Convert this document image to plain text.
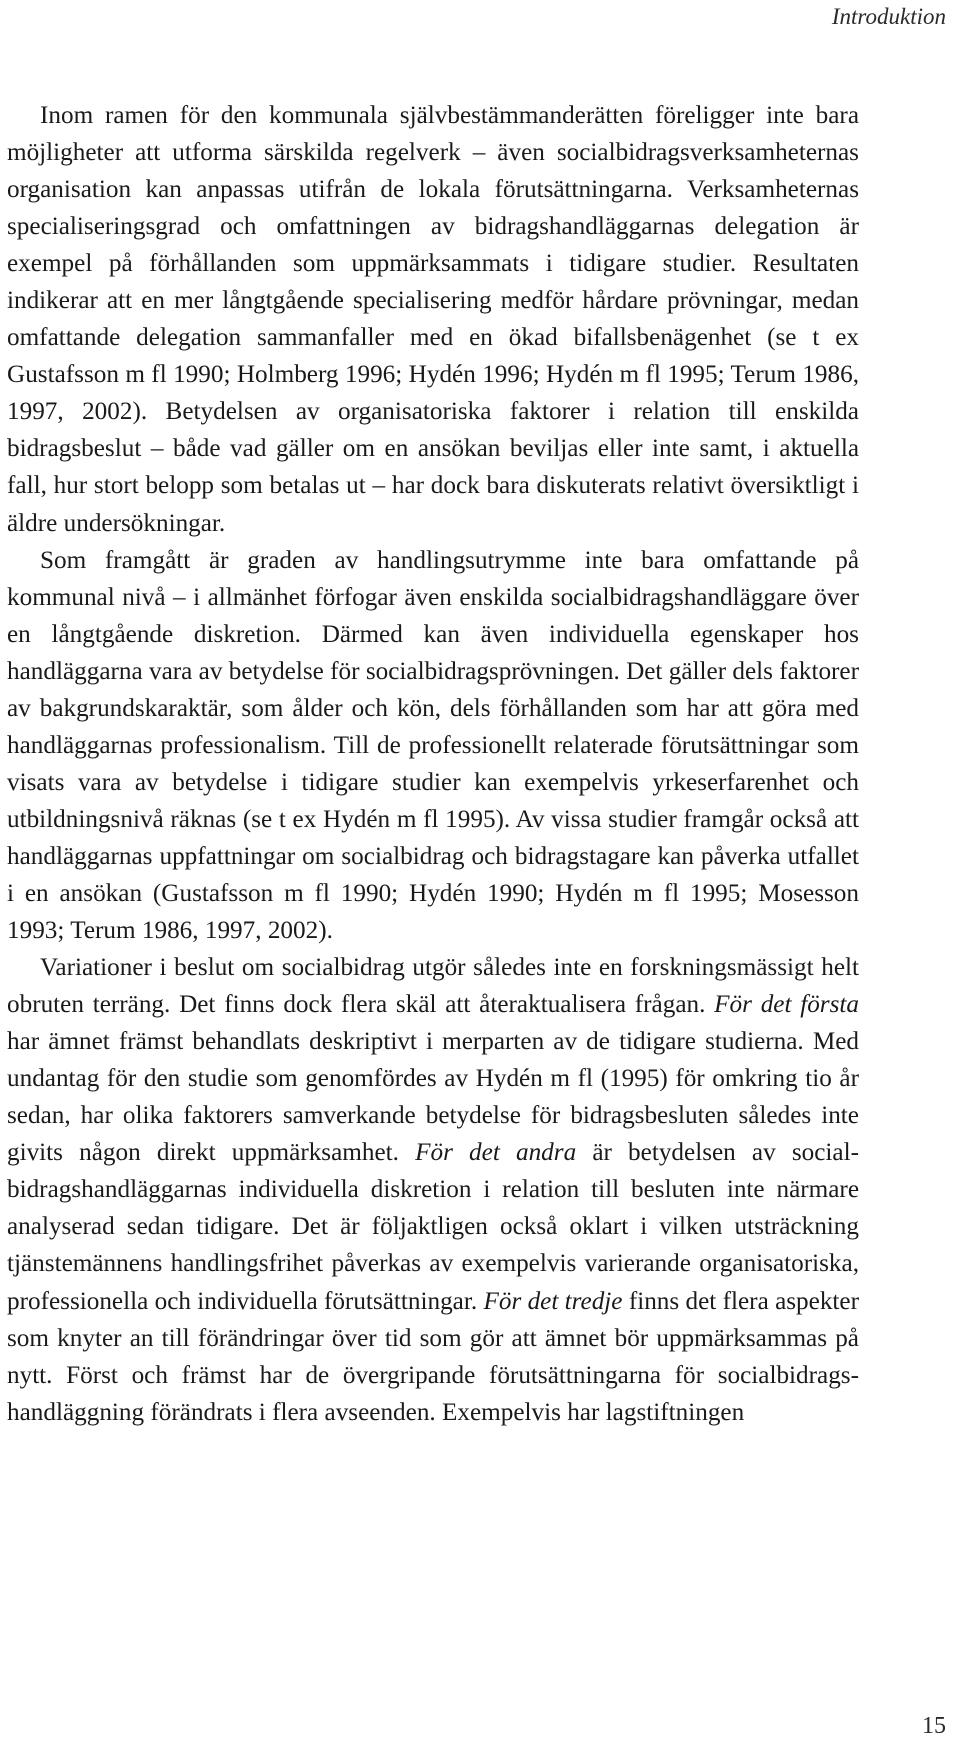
Introduktion

Inom ramen för den kommunala självbestämmanderätten föreligger inte bara möjligheter att utforma särskilda regelverk – även socialbidragsverksamheternas organisation kan anpassas utifrån de lokala förutsättningarna. Verksamheternas specialiseringsgrad och omfattningen av bidragshandläggarnas delegation är exempel på förhållanden som uppmärksammats i tidigare studier. Resultaten indikerar att en mer långtgående specialisering medför hårdare prövningar, medan omfattande delegation sammanfaller med en ökad bifallsbenägenhet (se t ex Gustafsson m fl 1990; Holmberg 1996; Hydén 1996; Hydén m fl 1995; Terum 1986, 1997, 2002). Betydelsen av organisatoriska faktorer i relation till enskilda bidragsbeslut – både vad gäller om en ansökan beviljas eller inte samt, i aktuella fall, hur stort belopp som betalas ut – har dock bara diskuterats relativt översiktligt i äldre undersökningar.

Som framgått är graden av handlingsutrymme inte bara omfattande på kommunal nivå – i allmänhet förfogar även enskilda socialbidragshandläggare över en långtgående diskretion. Därmed kan även individuella egenskaper hos handläggarna vara av betydelse för socialbidragsprövningen. Det gäller dels faktorer av bakgrundskaraktär, som ålder och kön, dels förhållanden som har att göra med handläggarnas professionalism. Till de professionellt relaterade förutsättningar som visats vara av betydelse i tidigare studier kan exempelvis yrkeserfarenhet och utbildningsnivå räknas (se t ex Hydén m fl 1995). Av vissa studier framgår också att handläggarnas uppfattningar om socialbidrag och bidragstagare kan påverka utfallet i en ansökan (Gustafsson m fl 1990; Hydén 1990; Hydén m fl 1995; Mosesson 1993; Terum 1986, 1997, 2002).

Variationer i beslut om socialbidrag utgör således inte en forskningsmässigt helt obruten terräng. Det finns dock flera skäl att återaktualisera frågan. För det första har ämnet främst behandlats deskriptivt i merparten av de tidigare studierna. Med undantag för den studie som genomfördes av Hydén m fl (1995) för omkring tio år sedan, har olika faktorers samverkande betydelse för bidragsbesluten således inte givits någon direkt uppmärksamhet. För det andra är betydelsen av socialbidragshandläggarnas individuella diskretion i relation till besluten inte närmare analyserad sedan tidigare. Det är följaktligen också oklart i vilken utsträckning tjänstemännens handlingsfrihet påverkas av exempelvis varierande organisatoriska, professionella och individuella förutsättningar. För det tredje finns det flera aspekter som knyter an till förändringar över tid som gör att ämnet bör uppmärksammas på nytt. Först och främst har de övergripande förutsättningarna för socialbidragshandläggning förändrats i flera avseenden. Exempelvis har lagstiftningen

15
